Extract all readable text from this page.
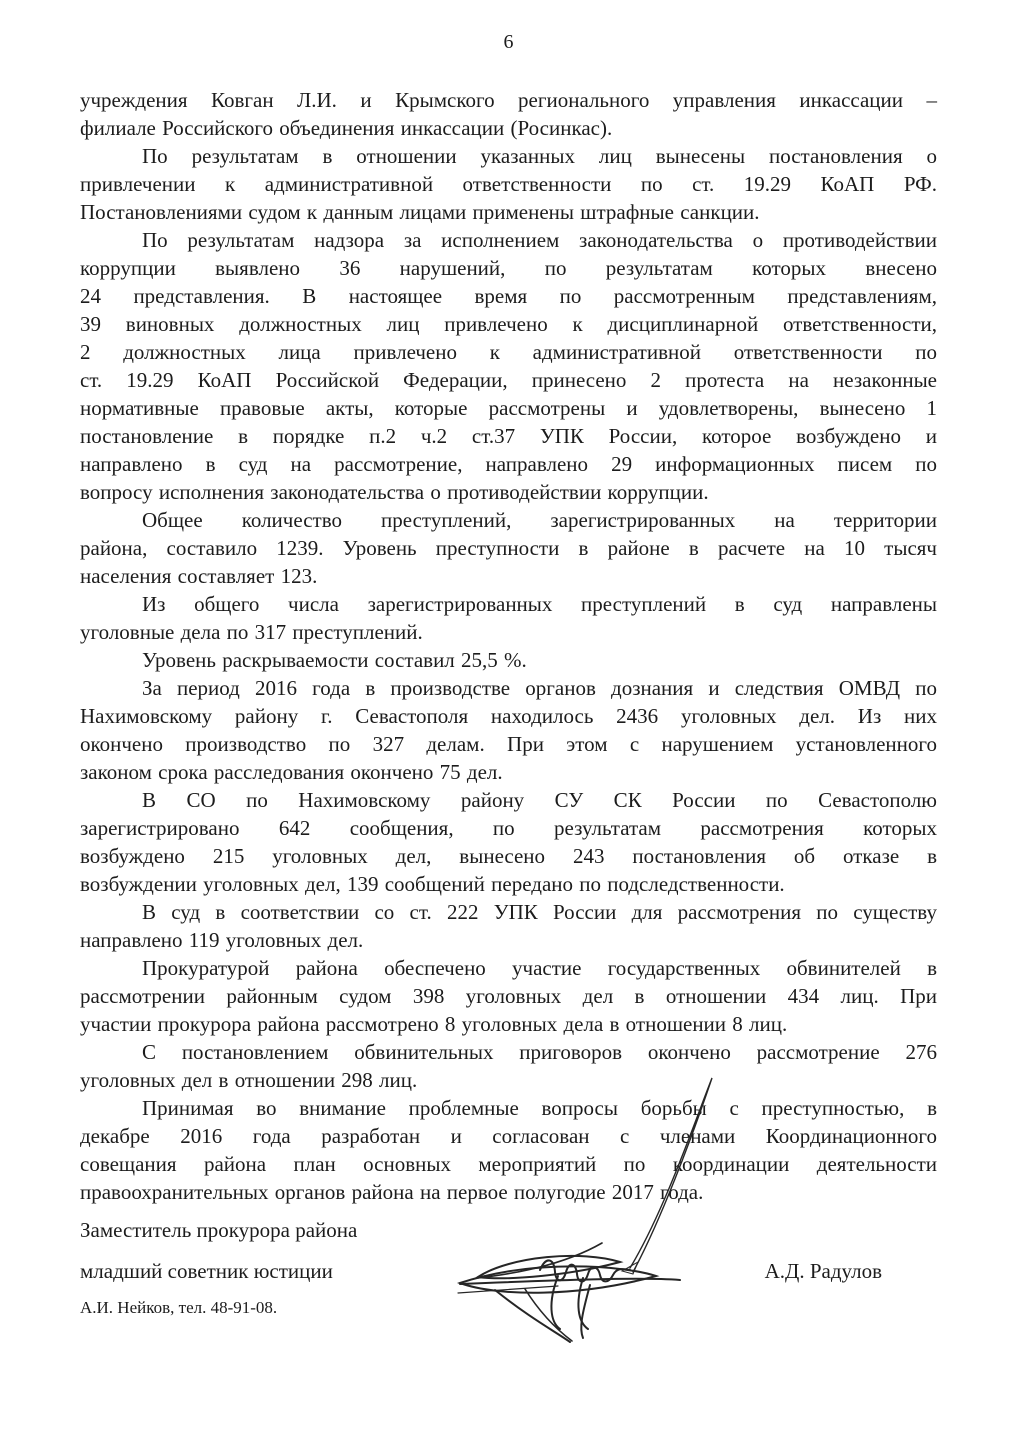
6
учреждения Ковган Л.И. и Крымского регионального управления инкассации –
филиале Российского объединения инкассации (Росинкас).
По результатам в отношении указанных лиц вынесены постановления о
привлечении к административной ответственности по ст. 19.29 КоАП РФ.
Постановлениями судом к данным лицами применены штрафные санкции.
По результатам надзора за исполнением законодательства о противодействии
коррупции выявлено 36 нарушений, по результатам которых внесено
24 представления. В настоящее время по рассмотренным представлениям,
39 виновных должностных лиц привлечено к дисциплинарной ответственности,
2 должностных лица привлечено к административной ответственности по
ст. 19.29 КоАП Российской Федерации, принесено 2 протеста на незаконные
нормативные правовые акты, которые рассмотрены и удовлетворены, вынесено 1
постановление в порядке п.2 ч.2 ст.37 УПК России, которое возбуждено и
направлено в суд на рассмотрение, направлено 29 информационных писем по
вопросу исполнения законодательства о противодействии коррупции.
Общее количество преступлений, зарегистрированных на территории
района, составило 1239. Уровень преступности в районе в расчете на 10 тысяч
населения составляет 123.
Из общего числа зарегистрированных преступлений в суд направлены
уголовные дела по 317 преступлений.
Уровень раскрываемости составил 25,5 %.
За период 2016 года в производстве органов дознания и следствия ОМВД по
Нахимовскому району г. Севастополя находилось 2436 уголовных дел. Из них
окончено производство по 327 делам. При этом с нарушением установленного
законом срока расследования окончено 75 дел.
В СО по Нахимовскому району СУ СК России по Севастополю
зарегистрировано 642 сообщения, по результатам рассмотрения которых
возбуждено 215 уголовных дел, вынесено 243 постановления об отказе в
возбуждении уголовных дел, 139 сообщений передано по подследственности.
В суд в соответствии со ст. 222 УПК России для рассмотрения по существу
направлено 119 уголовных дел.
Прокуратурой района обеспечено участие государственных обвинителей в
рассмотрении районным судом 398 уголовных дел в отношении 434 лиц. При
участии прокурора района рассмотрено 8 уголовных дела в отношении 8 лиц.
С постановлением обвинительных приговоров окончено рассмотрение 276
уголовных дел в отношении 298 лиц.
Принимая во внимание проблемные вопросы борьбы с преступностью, в
декабре 2016 года разработан и согласован с членами Координационного
совещания района план основных мероприятий по координации деятельности
правоохранительных органов района на первое полугодие 2017 года.
Заместитель прокурора района
младший советник юстиции	А.Д. Радулов
А.И. Нейков, тел. 48-91-08.
